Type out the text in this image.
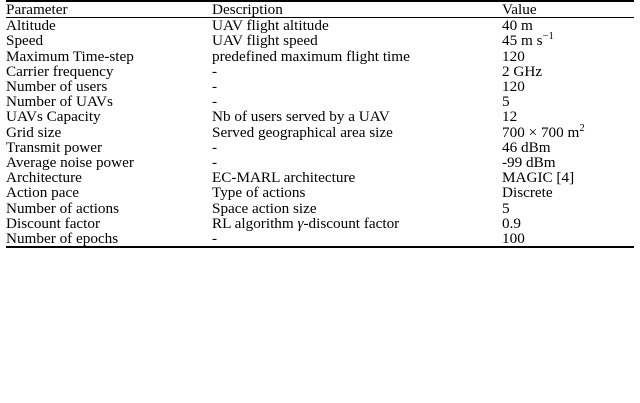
Parameter	Description	Value
Altitude	UAV flight altitude	40 m
Speed	UAV flight speed	45 m $s^{-1}$
Maximum Time-step	predefined maximum flight time	120
Carrier frequency	-	2 GHz
Number of users	-	120
Number of UAVs	-	5
UAVs Capacity	Nb of users served by a UAV	12
Grid size	Served geographical area size	700 × 700 $m^2$
Transmit power	-	46 dBm
Average noise power	-	-99 dBm
Architecture	EC-MARL architecture	MAGIC [4]
Action pace	Type of actions	Discrete
Number of actions	Space action size	5
Discount factor	RL algorithm γ-discount factor	0.9
Number of epochs	-	100
